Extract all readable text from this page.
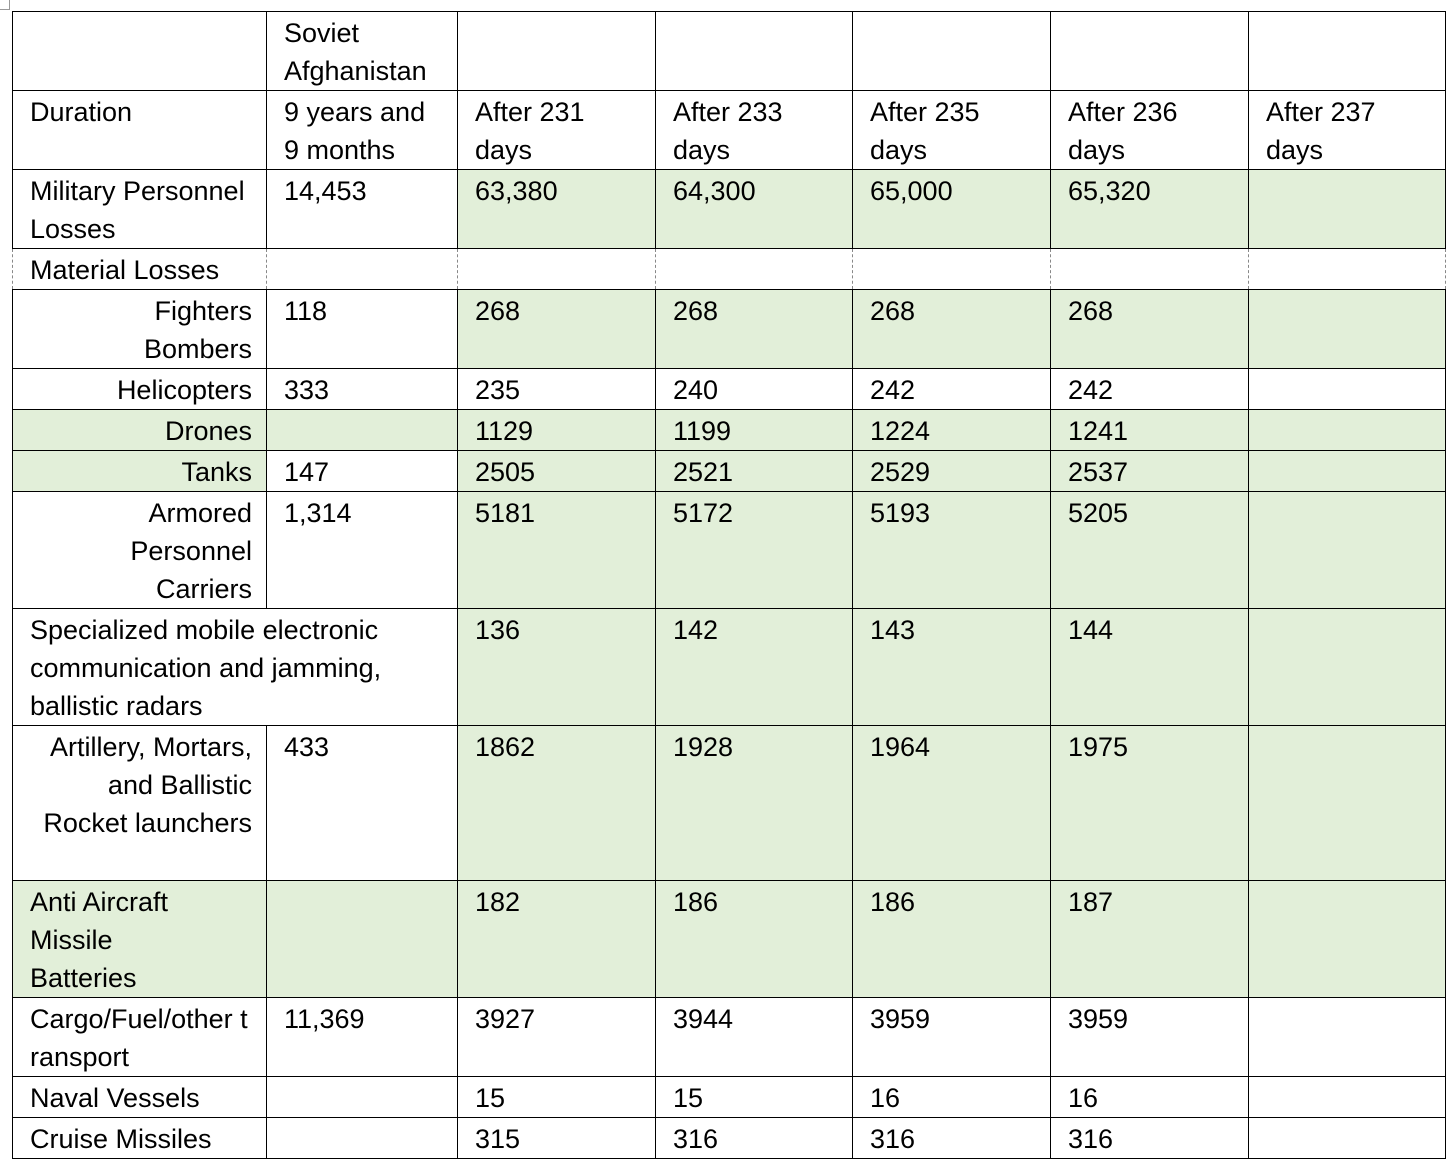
	Soviet Afghanistan					
Duration	9 years and 9 months	After 231 days	After 233 days	After 235 days	After 236 days	After 237 days
Military Personnel Losses	14,453	63,380	64,300	65,000	65,320	
Material Losses						
Fighters Bombers	118	268	268	268	268	
Helicopters	333	235	240	242	242	
Drones		1129	1199	1224	1241	
Tanks	147	2505	2521	2529	2537	
Armored Personnel Carriers	1,314	5181	5172	5193	5205	
Specialized mobile electronic communication and jamming, ballistic radars		136	142	143	144	
Artillery, Mortars, and Ballistic Rocket launchers	433	1862	1928	1964	1975	
Anti Aircraft Missile Batteries		182	186	186	187	
Cargo/Fuel/other transport	11,369	3927	3944	3959	3959	
Naval Vessels		15	15	16	16	
Cruise Missiles		315	316	316	316	
